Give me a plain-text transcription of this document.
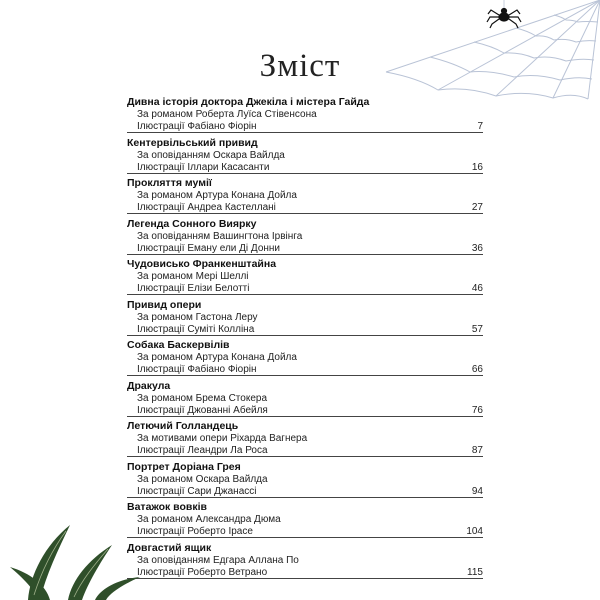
Зміст
Дивна історія доктора Джекіла і містера Гайда
За романом Роберта Луїса Стівенсона
Ілюстрації Фабіано Фіорін	7
Кентервільський привид
За оповіданням Оскара Вайлда
Ілюстрації Іллари Касасанти	16
Прокляття мумії
За романом Артура Конана Дойла
Ілюстрації Андреа Кастеллані	27
Легенда Сонного Виярку
За оповіданням Вашингтона Ірвінга
Ілюстрації Еману ели Ді Донни	36
Чудовисько Франкенштайна
За романом Мері Шеллі
Ілюстрації Елізи Белотті	46
Привид опери
За романом Гастона Леру
Ілюстрації Суміті Колліна	57
Собака Баскервілів
За романом Артура Конана Дойла
Ілюстрації Фабіано Фіорін	66
Дракула
За романом Брема Стокера
Ілюстрації Джованні Абейля	76
Летючий Голландець
За мотивами опери Ріхарда Вагнера
Ілюстрації Леандри Ла Роса	87
Портрет Доріана Грея
За романом Оскара Вайлда
Ілюстрації Сари Джанассі	94
Ватажок вовків
За романом Александра Дюма
Ілюстрації Роберто Ірасе	104
Довгастий ящик
За оповіданням Едгара Аллана По
Ілюстрації Роберто Ветрано	115
